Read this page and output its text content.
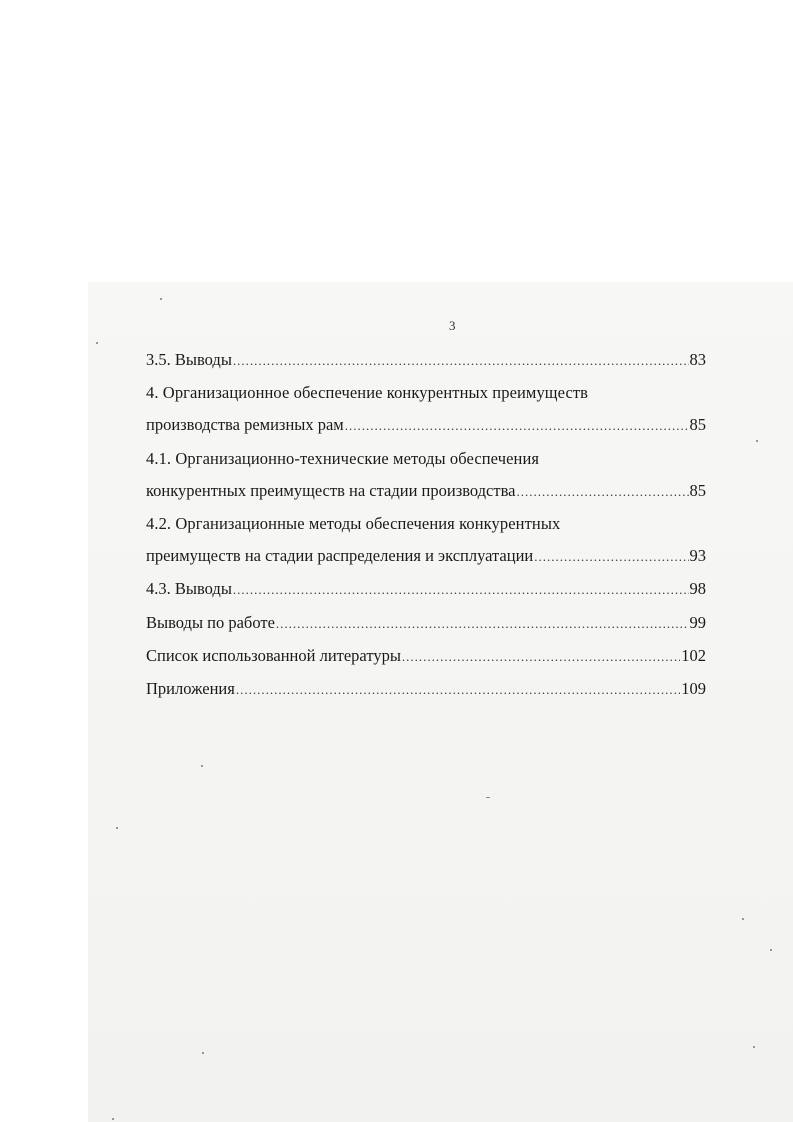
3
3.5. Выводы .....	83
4. Организационное обеспечение конкурентных преимуществ
производства ремизных рам .....	85
4.1. Организационно-технические методы обеспечения
конкурентных преимуществ на стадии производства .....	85
4.2. Организационные методы обеспечения конкурентных
преимуществ на стадии распределения и эксплуатации .....	93
4.3. Выводы .....	98
Выводы по работе .....	99
Список использованной литературы .....	102
Приложения .....	109
